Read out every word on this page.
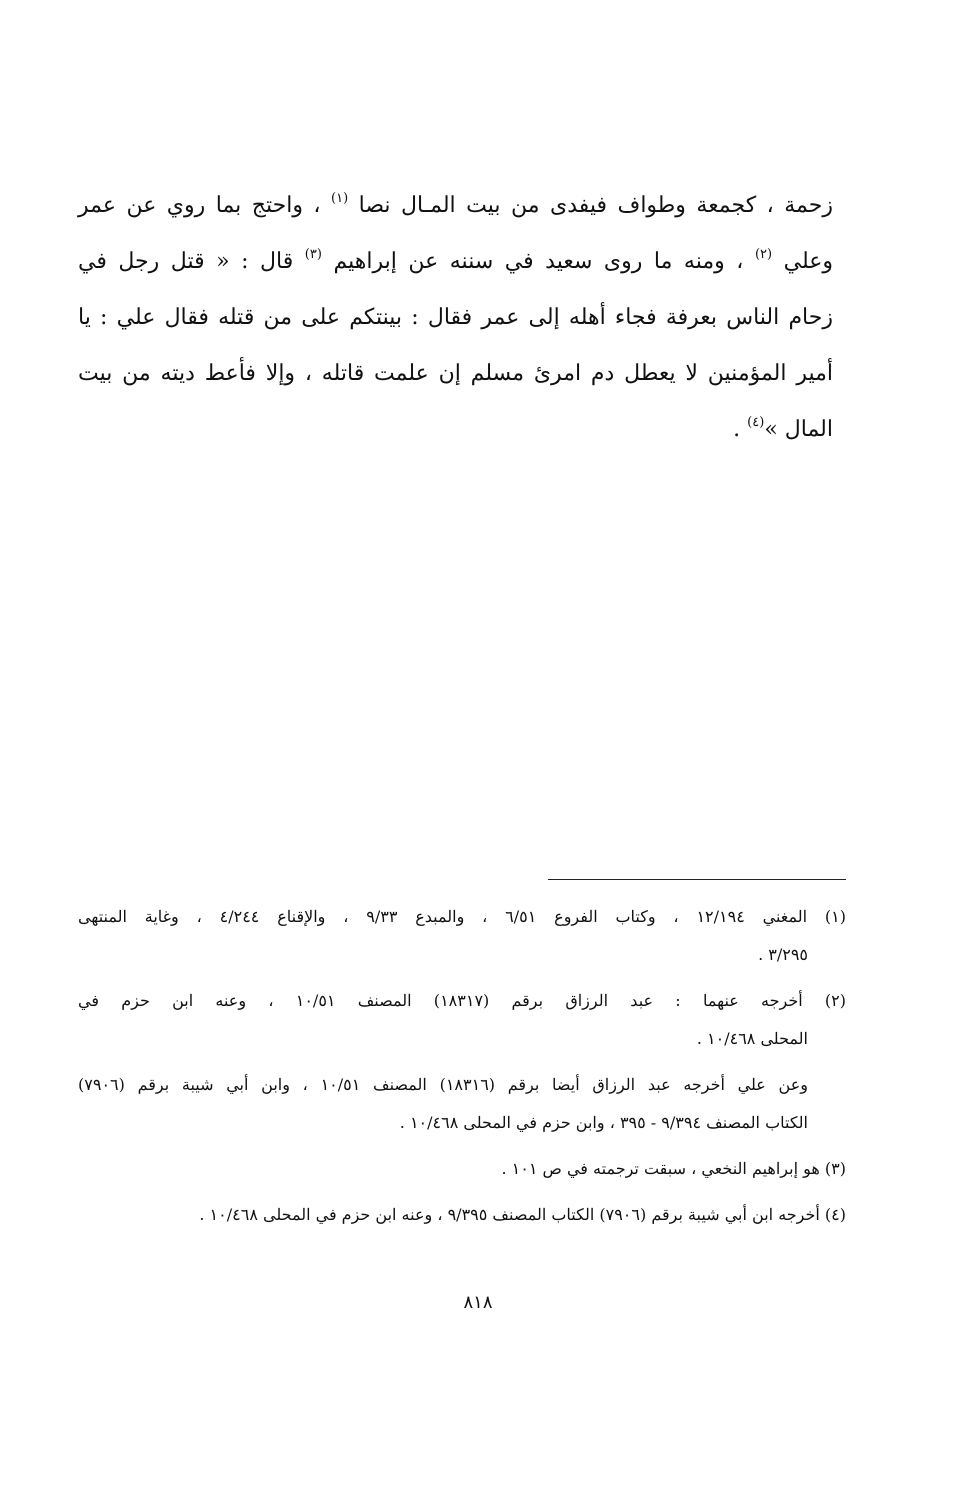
زحمة ، كجمعة وطواف فيفدى من بيت المـال نصا $^{(١)}$ ، واحتج بما روي عن عمر
وعلي $^{(٢)}$ ، ومنه ما روى سعيد في سننه عن إبراهيم $^{(٣)}$ قال : « قتل رجل في
زحام الناس بعرفة فجاء أهله إلى عمر فقال : بينتكم على من قتله فقال علي : يا
أمير المؤمنين لا يعطل دم امرئ مسلم إن علمت قاتله ، وإلا فأعط ديته من بيت
المال »$^{(٤)}$ .
(١) المغني ١٢/١٩٤ ، وكتاب الفروع ٦/٥١ ، والمبدع ٩/٣٣ ، والإقناع ٤/٢٤٤ ، وغاية المنتهى
٣/٢٩٥ .
(٢) أخرجه عنهما : عبد الرزاق برقم (١٨٣١٧) المصنف ١٠/٥١ ، وعنه ابن حزم في
المحلى ١٠/٤٦٨ .
وعن علي أخرجه عبد الرزاق أيضا برقم (١٨٣١٦) المصنف ١٠/٥١ ، وابن أبي شيبة برقم (٧٩٠٦)
الكتاب المصنف ٩/٣٩٤ - ٣٩٥ ، وابن حزم في المحلى ١٠/٤٦٨ .
(٣) هو إبراهيم النخعي ، سبقت ترجمته في ص ١٠١ .
(٤) أخرجه ابن أبي شيبة برقم (٧٩٠٦) الكتاب المصنف ٩/٣٩٥ ، وعنه ابن حزم في المحلى ١٠/٤٦٨ .
٨١٨
